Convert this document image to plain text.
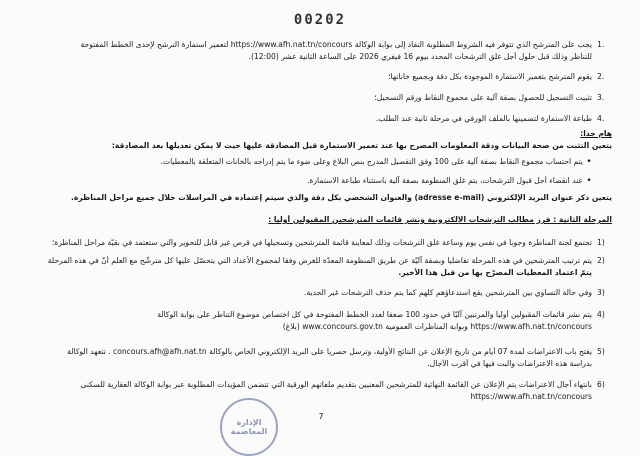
00202
1.
يجب على المترشح الذي تتوفر فيه الشروط المطلوبة النفاذ إلى بوابة الوكالة https://www.afh.nat.tn/concours لتعمير استمارة الترشح لإحدى الخطط المفتوحة
للتناظر وذلك قبل حلول أجل غلق الترشحات المحدد بيوم 16 فيفري 2026 على الساعة الثانية عشر (12:00).
2.
يقوم المترشح بتعمير الاستمارة الموجودة بكل دقة وبجميع خاناتها؛
3.
تثبيت التسجيل للحصول بصفة آلية على مجموع النقاط ورقم التسجيل؛
4.
طباعة الاستمارة لتضمينها بالملف الورقي في مرحلة ثانية عند الطلب.
هام جدا:
يتعين التثبت من صحة البيانات ودقة المعلومات المصرح بها عند تعمير الاستمارة قبل المصادقة عليها حيث لا يمكن تعديلها بعد المصادقة:
•
يتم احتساب مجموع النقاط بصفة آلية على 100 وفق التفصيل المدرج بنص البلاغ وعلى ضوء ما يتم إدراجه بالخانات المتعلقة بالمعطيات.
•
عند انقضاء أجل قبول الترشحات، يتم غلق المنظومة بصفة آلية باستثناء طباعة الاستمارة.
يتعين ذكر عنوان البريد الإلكتروني (adresse e-mail) والعنوان الشخصي بكل دقة والذي سيتم إعتماده في المراسلات خلال جميع مراحل المناظرة.
المرحلة الثانية : فرز مطالب الترشحات الالكترونية ونشر قائمات المترشحين المقبولين أوليا :
1)
تجتمع لجنة المناظرة وجوبا في نفس يوم وساعة غلق الترشحات وذلك لمعاينة قائمة المترشحين وتسجيلها في قرص غير قابل للتحوير والتي ستعتمد في بقيّة مراحل المناظرة؛
2)
يتم ترتيب المترشحين في هذه المرحلة تفاضليا وبصفة آليّة عن طريق المنظومة المعدّة للغرض وفقا لمجموع الأعداد التي يتحصّل عليها كل مترشّح مع العلم أنّ في هذه المرحلة
يتمّ اعتماد المعطيات المصرّح بها من قبل هذا الأخير.
3)
وفي حالة التساوي بين المترشحين يقع استدعاؤهم كلهم كما يتم حذف الترشحات غير الجدية.
4)
يتم نشر قائمات المقبولين أوليا والمرتبين آليّا في حدود 100 ضعفا لعدد الخطط المفتوحة في كل اختصاص موضوع التناظر على بوابة الوكالة
https://www.afh.nat.tn/concours وبوابة المناظرات العمومية www.concours.gov.tn (بلاغ)
5)
يفتح باب الاعتراضات لمدة 07 أيام من تاريخ الإعلان عن النتائج الأولية، وترسل حصريا على البريد الإلكتروني الخاص بالوكالة concours.afh@afh.nat.tn . تتعهد الوكالة
بدراسة هذه الاعتراضات والبت فيها في أقرب الآجال.
6)
بانتهاء آجال الاعتراضات يتم الإعلان عن القائمة النهائية للمترشحين المعنيين بتقديم ملفاتهم الورقية التي تتضمن المؤيدات المطلوبة عبر بوابة الوكالة العقارية للسكنى
https://www.afh.nat.tn/concours
الإدارة
المعاصمة
7
